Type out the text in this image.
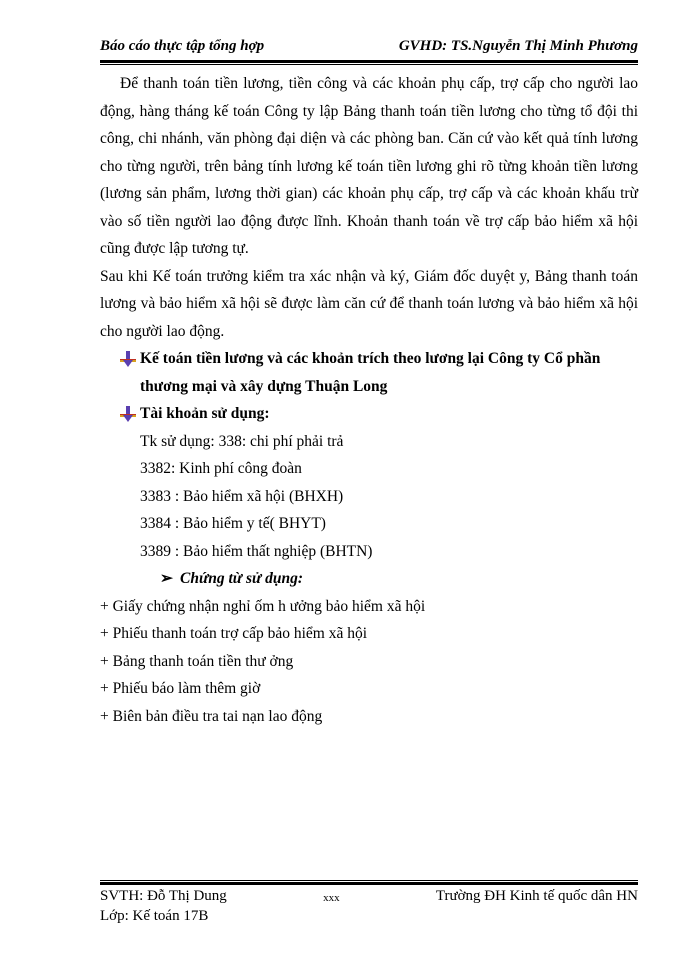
Báo cáo thực tập tổng hợp	GVHD: TS.Nguyễn Thị Minh Phương

Để thanh toán tiền lương, tiền công và các khoản phụ cấp, trợ cấp cho người lao động, hàng tháng kế toán Công ty lập Bảng thanh toán tiền lương cho từng tổ đội thi công, chi nhánh, văn phòng đại diện và các phòng ban. Căn cứ vào kết quả tính lương cho từng người, trên bảng tính lương kế toán tiền lương ghi rõ từng khoản tiền lương (lương sản phẩm, lương thời gian) các khoản phụ cấp, trợ cấp và các khoản khấu trừ vào số tiền người lao động được lĩnh. Khoản thanh toán về trợ cấp bảo hiểm xã hội cũng được lập tương tự.

Sau khi Kế toán trưởng kiểm tra xác nhận và ký, Giám đốc duyệt y, Bảng thanh toán lương và bảo hiểm xã hội sẽ được làm căn cứ để thanh toán lương và bảo hiểm xã hội cho người lao động.

Kế toán tiền lương và các khoản trích theo lương lại Công ty Cổ phần thương mại và xây dựng Thuận Long
Tài khoản sử dụng:
Tk sử dụng: 338: chi phí phải trả
3382: Kinh phí công đoàn
3383 : Bảo hiểm xã hội (BHXH)
3384 : Bảo hiểm y tế( BHYT)
3389 : Bảo hiểm thất nghiệp (BHTN)
➢ Chứng từ sử dụng:
+ Giấy chứng nhận nghỉ ốm h ưởng bảo hiểm xã hội
+ Phiếu thanh toán trợ cấp bảo hiểm xã hội
+ Bảng thanh toán tiền thư ởng
+ Phiếu báo làm thêm giờ
+ Biên bản điều tra tai nạn lao động
SVTH: Đỗ Thị Dung	xxx	Trường ĐH Kinh tế quốc dân HN
Lớp: Kế toán 17B
